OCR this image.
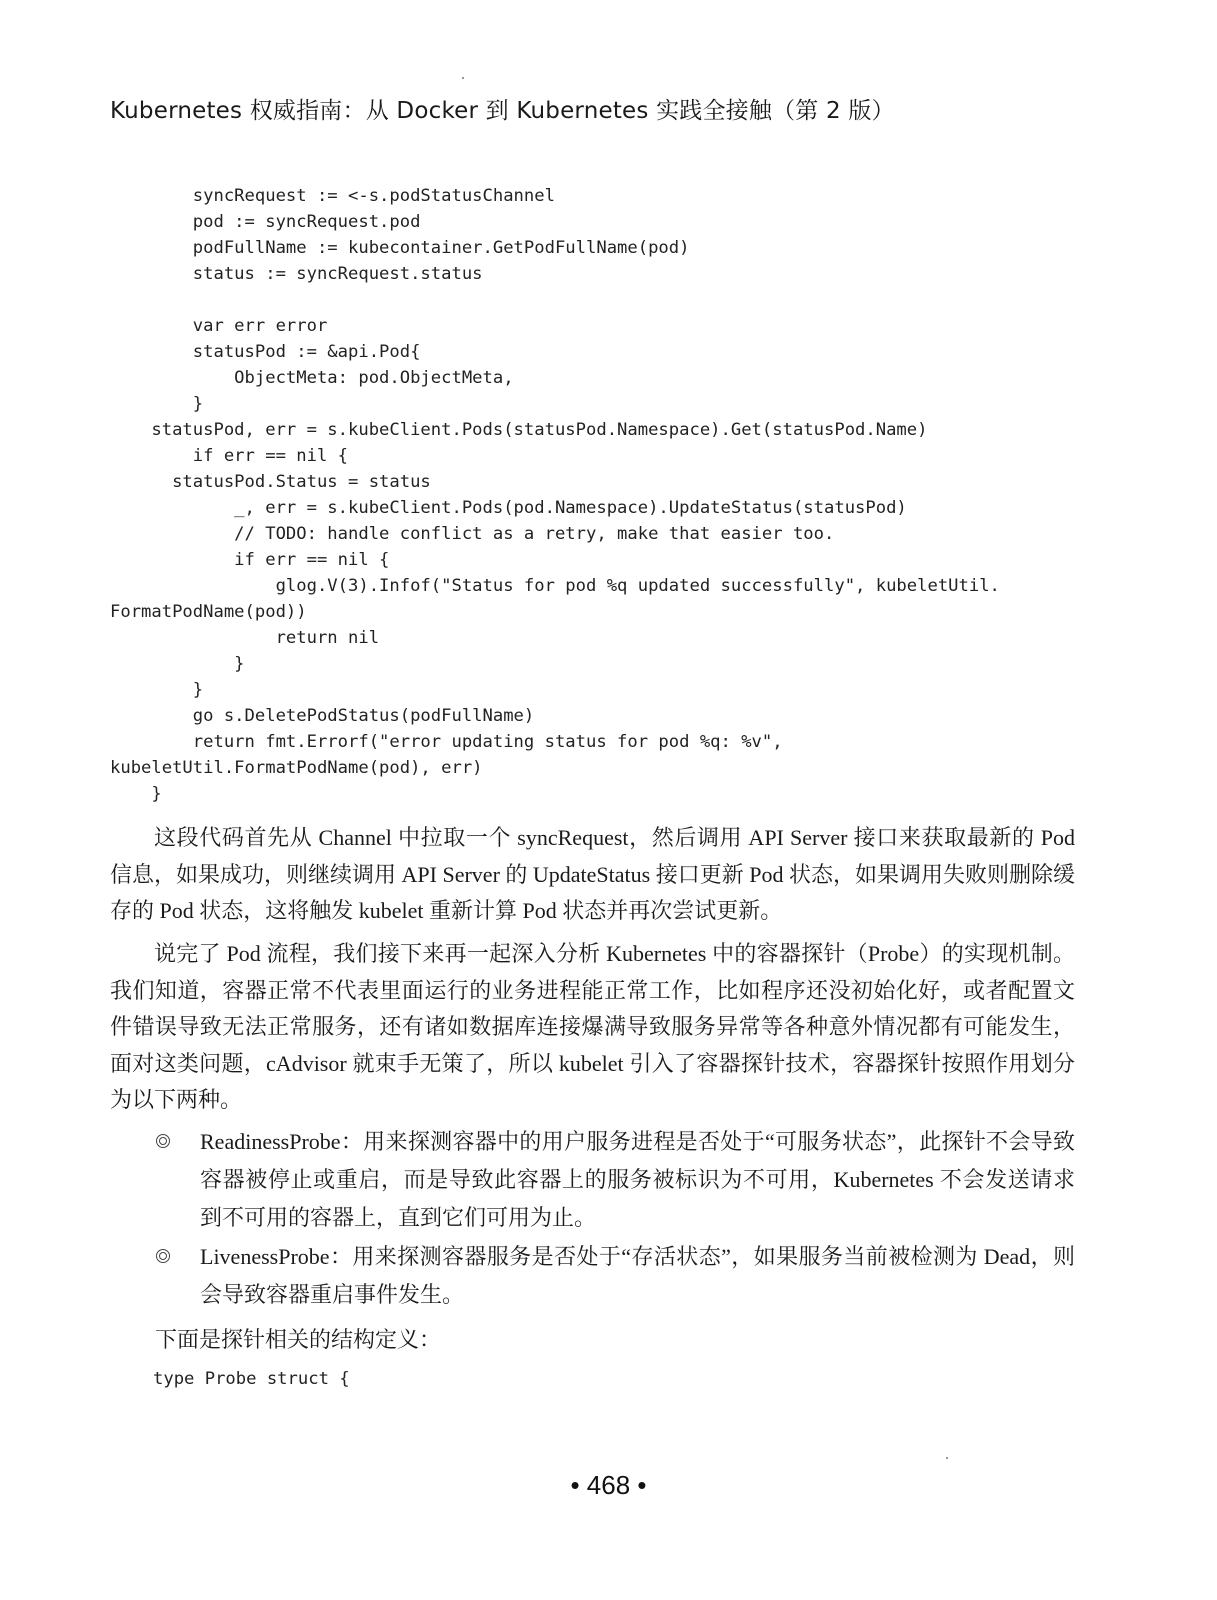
Kubernetes 权威指南：从 Docker 到 Kubernetes 实践全接触（第 2 版）
syncRequest := <-s.podStatusChannel
pod := syncRequest.pod
podFullName := kubecontainer.GetPodFullName(pod)
status := syncRequest.status

var err error
statusPod := &api.Pod{
ObjectMeta: pod.ObjectMeta,
}
statusPod, err = s.kubeClient.Pods(statusPod.Namespace).Get(statusPod.Name)
if err == nil {
statusPod.Status = status
_, err = s.kubeClient.Pods(pod.Namespace).UpdateStatus(statusPod)
// TODO: handle conflict as a retry, make that easier too.
if err == nil {
glog.V(3).Infof("Status for pod %q updated successfully", kubeletUtil.
FormatPodName(pod))
return nil
}
}
go s.DeletePodStatus(podFullName)
return fmt.Errorf("error updating status for pod %q: %v",
kubeletUtil.FormatPodName(pod), err)
}

这段代码首先从 Channel 中拉取一个 syncRequest，然后调用 API Server 接口来获取最新的 Pod 信息，如果成功，则继续调用 API Server 的 UpdateStatus 接口更新 Pod 状态，如果调用失败则删除缓存的 Pod 状态，这将触发 kubelet 重新计算 Pod 状态并再次尝试更新。

说完了 Pod 流程，我们接下来再一起深入分析 Kubernetes 中的容器探针（Probe）的实现机制。我们知道，容器正常不代表里面运行的业务进程能正常工作，比如程序还没初始化好，或者配置文件错误导致无法正常服务，还有诸如数据库连接爆满导致服务异常等各种意外情况都有可能发生，面对这类问题，cAdvisor 就束手无策了，所以 kubelet 引入了容器探针技术，容器探针按照作用划分为以下两种。

ReadinessProbe：用来探测容器中的用户服务进程是否处于“可服务状态”，此探针不会导致容器被停止或重启，而是导致此容器上的服务被标识为不可用，Kubernetes 不会发送请求到不可用的容器上，直到它们可用为止。
LivenessProbe：用来探测容器服务是否处于“存活状态”，如果服务当前被检测为 Dead，则会导致容器重启事件发生。

下面是探针相关的结构定义：

type Probe struct {
• 468 •
